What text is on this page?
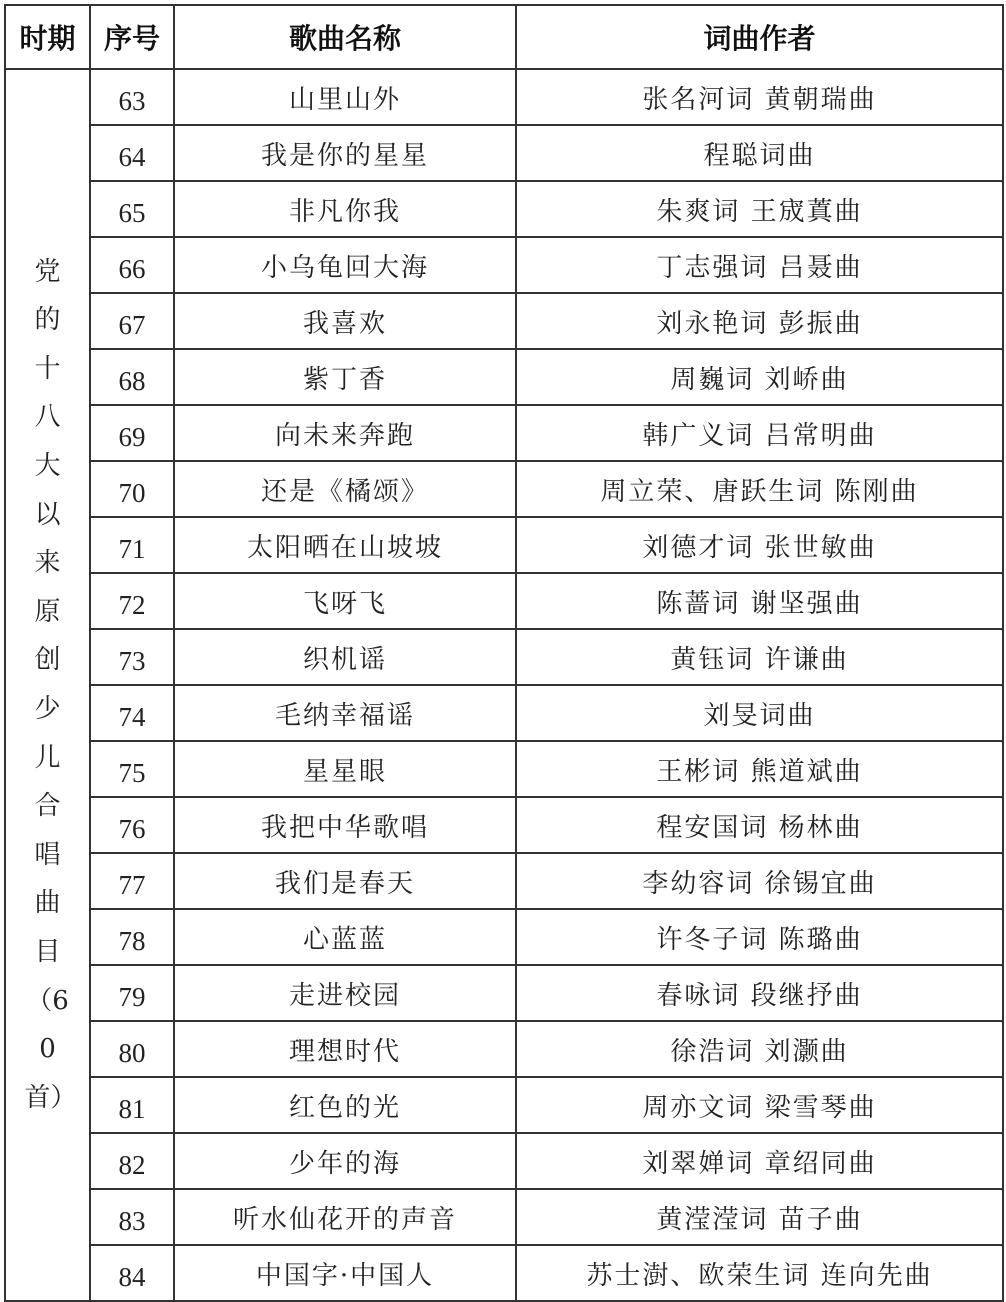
时期	序号	歌曲名称	词曲作者
党的十八大以来原创少儿合唱曲目（60首）	63	山里山外	张名河词 黄朝瑞曲
	64	我是你的星星	程聪词曲
	65	非凡你我	朱爽词 王宬蒖曲
	66	小乌龟回大海	丁志强词 吕聂曲
	67	我喜欢	刘永艳词 彭振曲
	68	紫丁香	周巍词 刘峤曲
	69	向未来奔跑	韩广义词 吕常明曲
	70	还是《橘颂》	周立荣、唐跃生词 陈刚曲
	71	太阳晒在山坡坡	刘德才词 张世敏曲
	72	飞呀飞	陈蔷词 谢坚强曲
	73	织机谣	黄钰词 许谦曲
	74	毛纳幸福谣	刘旻词曲
	75	星星眼	王彬词 熊道斌曲
	76	我把中华歌唱	程安国词 杨林曲
	77	我们是春天	李幼容词 徐锡宜曲
	78	心蓝蓝	许冬子词 陈璐曲
	79	走进校园	春咏词 段继抒曲
	80	理想时代	徐浩词 刘灏曲
	81	红色的光	周亦文词 梁雪琴曲
	82	少年的海	刘翠婵词 章绍同曲
	83	听水仙花开的声音	黄滢滢词 苗子曲
	84	中国字·中国人	苏士澍、欧荣生词 连向先曲
